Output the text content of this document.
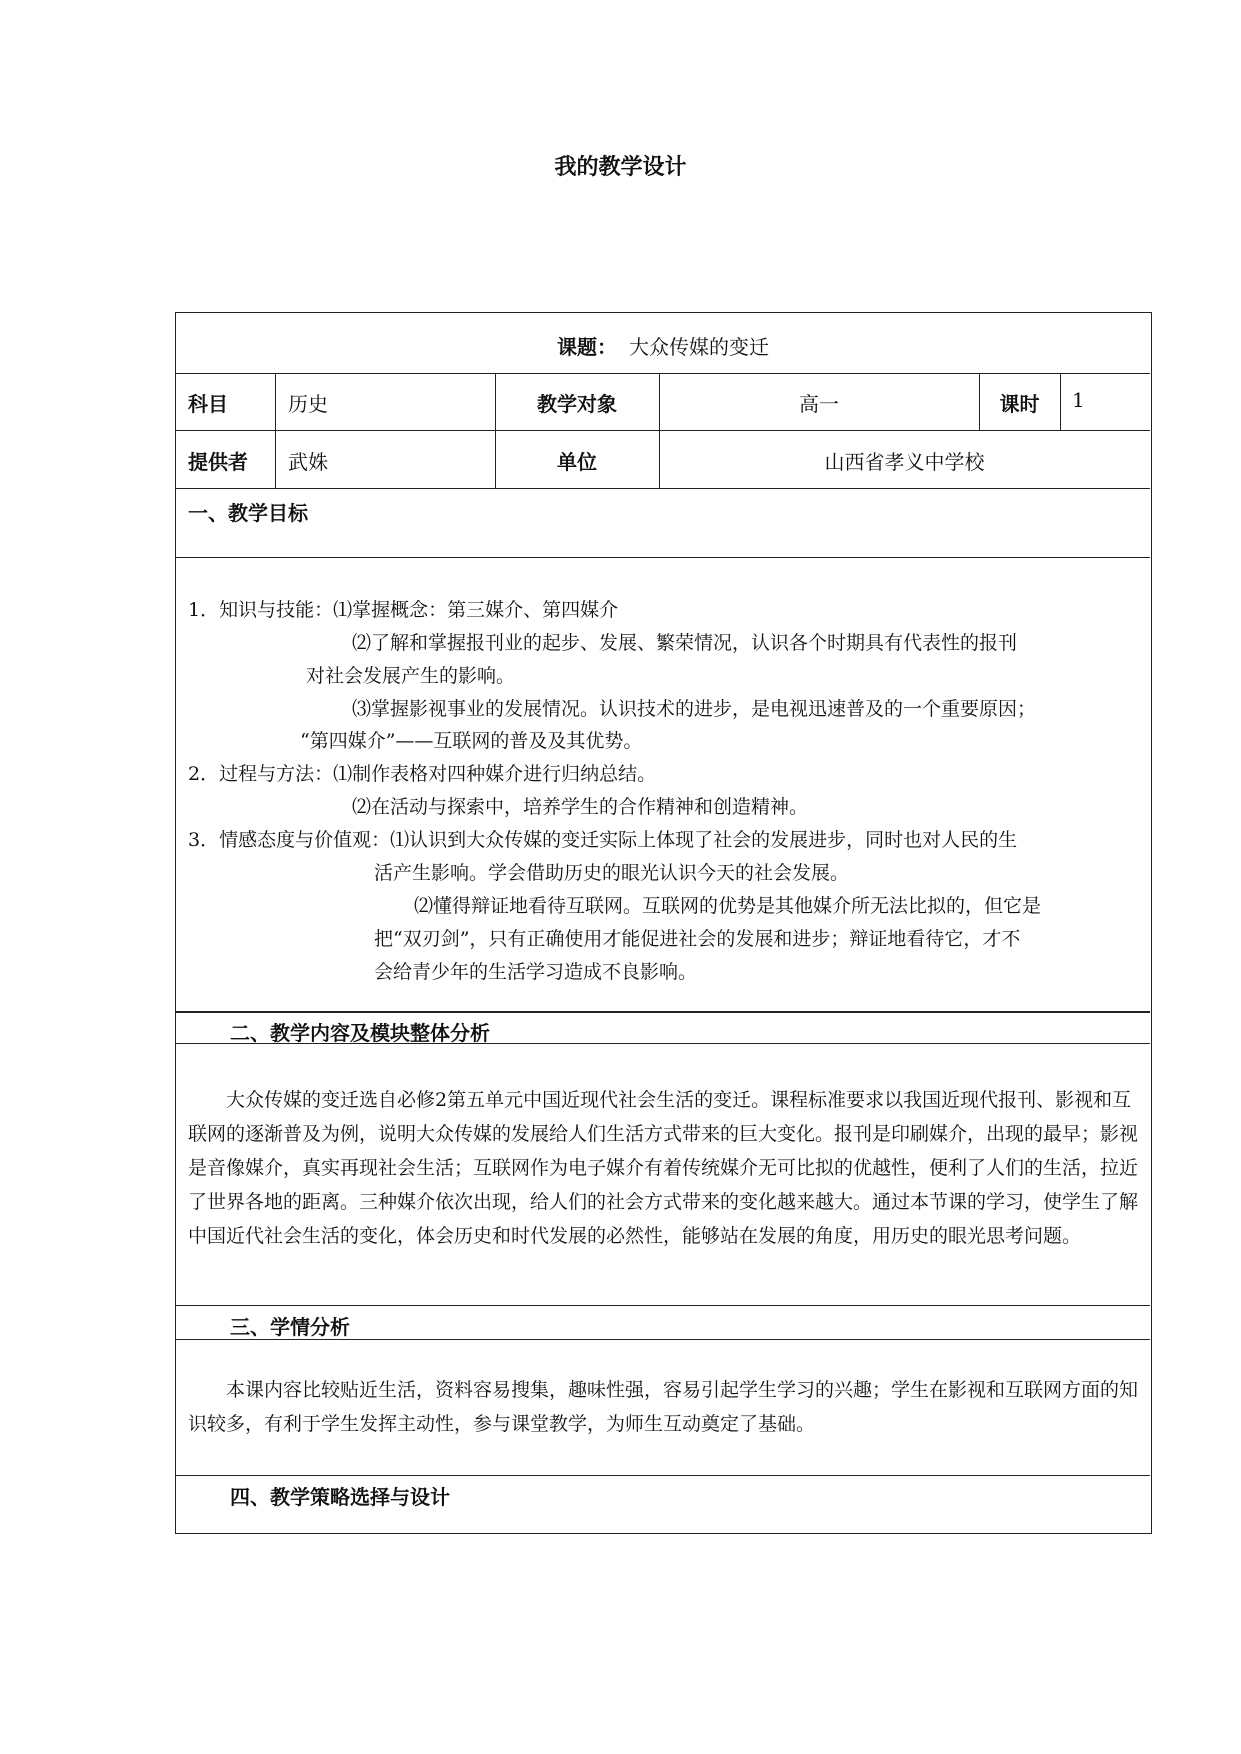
我的教学设计
课题： 大众传媒的变迁
科目	历史	教学对象	高一	课时	1
提供者 武姝	单位	山西省孝义中学校
一、教学目标
1．知识与技能：⑴掌握概念：第三媒介、第四媒介
⑵了解和掌握报刊业的起步、发展、繁荣情况，认识各个时期具有代表性的报刊
对社会发展产生的影响。
⑶掌握影视事业的发展情况。认识技术的进步，是电视迅速普及的一个重要原因；
“第四媒介”——互联网的普及及其优势。
2．过程与方法：⑴制作表格对四种媒介进行归纳总结。
⑵在活动与探索中，培养学生的合作精神和创造精神。
3．情感态度与价值观：⑴认识到大众传媒的变迁实际上体现了社会的发展进步，同时也对人民的生
活产生影响。学会借助历史的眼光认识今天的社会发展。
⑵懂得辩证地看待互联网。互联网的优势是其他媒介所无法比拟的，但它是
把“双刃剑”，只有正确使用才能促进社会的发展和进步；辩证地看待它，才不
会给青少年的生活学习造成不良影响。
二、教学内容及模块整体分析
大众传媒的变迁选自必修2第五单元中国近现代社会生活的变迁。课程标准要求以我国近现代报刊、影视和互联网的逐渐普及为例，说明大众传媒的发展给人们生活方式带来的巨大变化。报刊是印刷媒介，出现的最早；影视是音像媒介，真实再现社会生活；互联网作为电子媒介有着传统媒介无可比拟的优越性，便利了人们的生活，拉近了世界各地的距离。三种媒介依次出现，给人们的社会方式带来的变化越来越大。通过本节课的学习，使学生了解中国近代社会生活的变化，体会历史和时代发展的必然性，能够站在发展的角度，用历史的眼光思考问题。
三、学情分析
本课内容比较贴近生活，资料容易搜集，趣味性强，容易引起学生学习的兴趣；学生在影视和互联网方面的知识较多，有利于学生发挥主动性，参与课堂教学，为师生互动奠定了基础。
四、教学策略选择与设计
